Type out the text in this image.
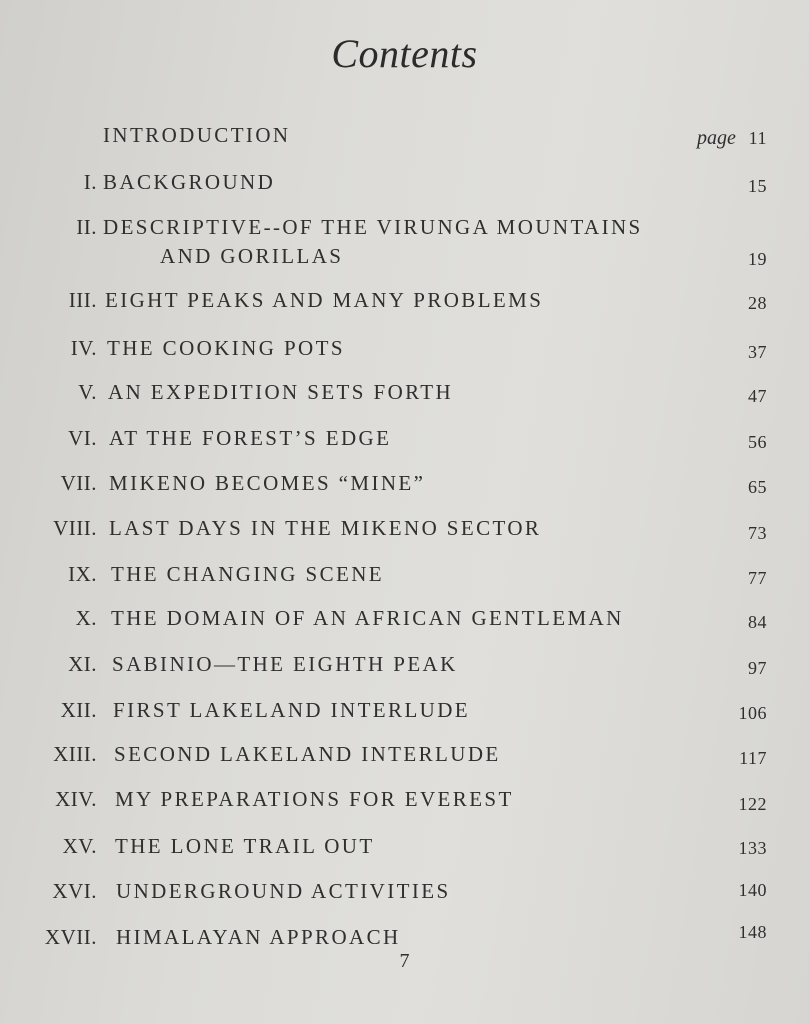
Contents
page
INTRODUCTION	11
I. BACKGROUND	15
II. DESCRIPTIVE--OF THE VIRUNGA MOUNTAINS
AND GORILLAS	19
III. EIGHT PEAKS AND MANY PROBLEMS	28
IV. THE COOKING POTS	37
V. AN EXPEDITION SETS FORTH	47
VI. AT THE FOREST’S EDGE	56
VII. MIKENO BECOMES “MINE”	65
VIII. LAST DAYS IN THE MIKENO SECTOR	73
IX. THE CHANGING SCENE	77
X. THE DOMAIN OF AN AFRICAN GENTLEMAN	84
XI. SABINIO—THE EIGHTH PEAK	97
XII. FIRST LAKELAND INTERLUDE	106
XIII. SECOND LAKELAND INTERLUDE	117
XIV. MY PREPARATIONS FOR EVEREST	122
XV. THE LONE TRAIL OUT	133
XVI. UNDERGROUND ACTIVITIES	140
XVII. HIMALAYAN APPROACH	148
7
